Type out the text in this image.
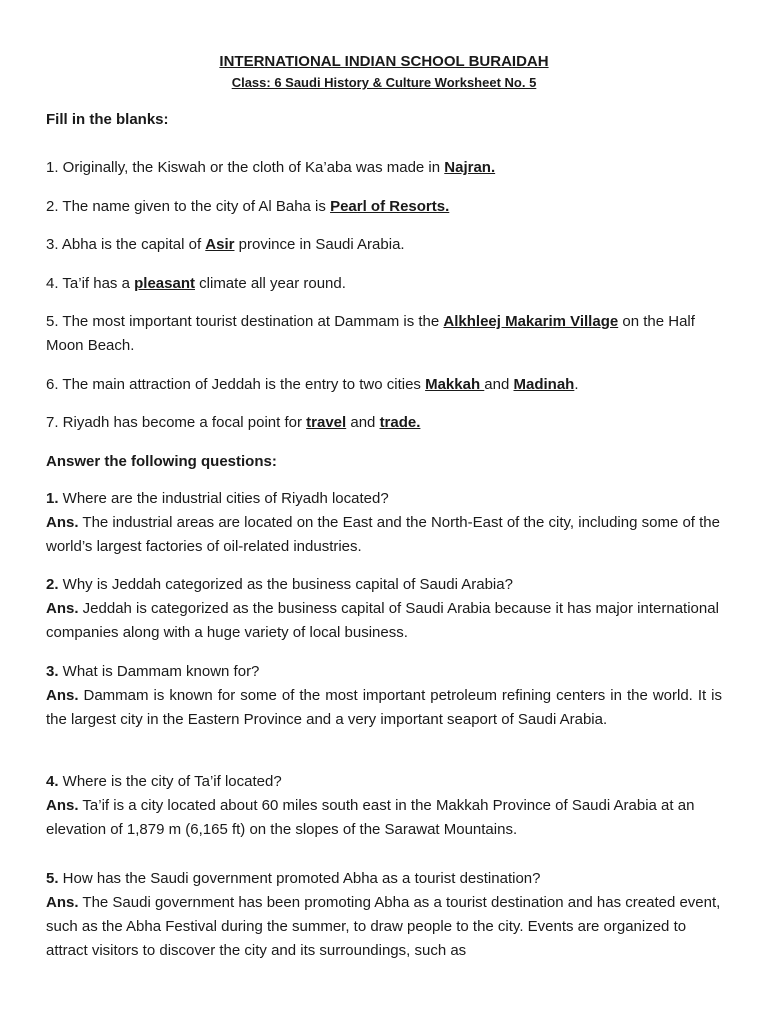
INTERNATIONAL INDIAN SCHOOL BURAIDAH
Class: 6 Saudi History & Culture Worksheet No. 5
Fill in the blanks:
1. Originally, the Kiswah or the cloth of Ka’aba was made in Najran.
2. The name given to the city of Al Baha is Pearl of Resorts.
3. Abha is the capital of Asir province in Saudi Arabia.
4. Ta’if has a pleasant climate all year round.
5. The most important tourist destination at Dammam is the Alkhleej Makarim Village on the Half Moon Beach.
6. The main attraction of Jeddah is the entry to two cities Makkah and Madinah.
7. Riyadh has become a focal point for travel and trade.
Answer the following questions:
1. Where are the industrial cities of Riyadh located?
Ans. The industrial areas are located on the East and the North-East of the city, including some of the world’s largest factories of oil-related industries.
2. Why is Jeddah categorized as the business capital of Saudi Arabia?
Ans. Jeddah is categorized as the business capital of Saudi Arabia because it has major international companies along with a huge variety of local business.
3. What is Dammam known for?
Ans. Dammam is known for some of the most important petroleum refining centers in the world. It is the largest city in the Eastern Province and a very important seaport of Saudi Arabia.
4. Where is the city of Ta’if located?
Ans. Ta’if is a city located about 60 miles south east in the Makkah Province of Saudi Arabia at an elevation of 1,879 m (6,165 ft) on the slopes of the Sarawat Mountains.
5. How has the Saudi government promoted Abha as a tourist destination?
Ans. The Saudi government has been promoting Abha as a tourist destination and has created event, such as the Abha Festival during the summer, to draw people to the city. Events are organized to attract visitors to discover the city and its surroundings, such as
